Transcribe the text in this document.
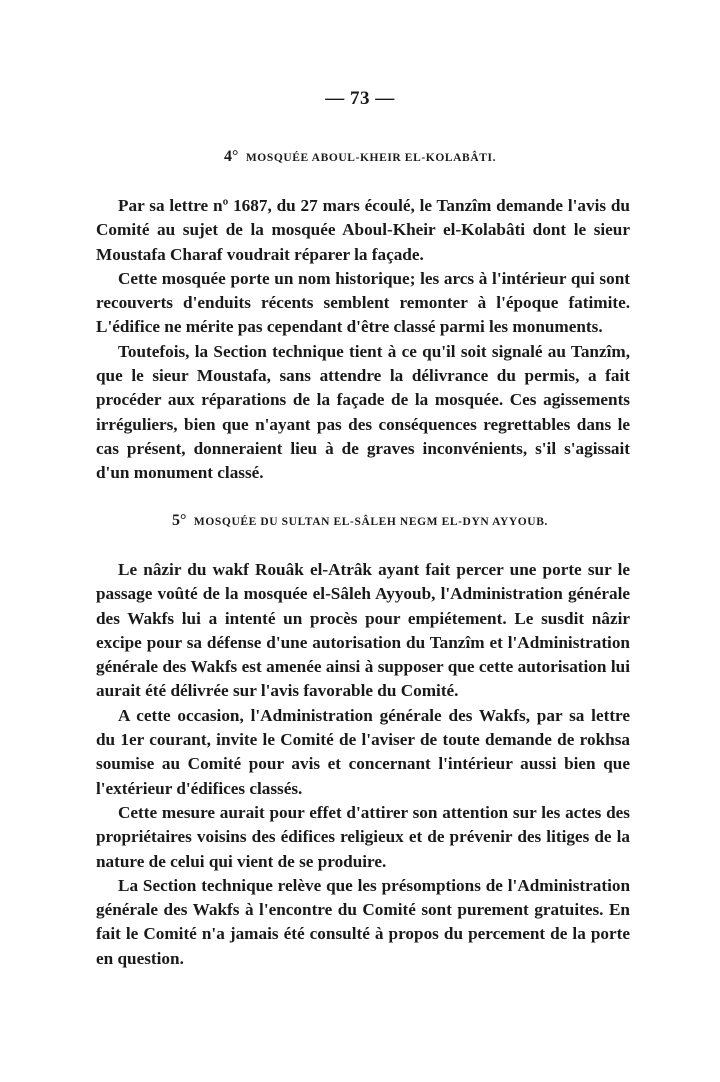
— 73 —
4° MOSQUÉE ABOUL-KHEIR EL-KOLABÂTI.

Par sa lettre nº 1687, du 27 mars écoulé, le Tanzîm demande l'avis du Comité au sujet de la mosquée Aboul-Kheir el-Kolabâti dont le sieur Moustafa Charaf voudrait réparer la façade.

Cette mosquée porte un nom historique; les arcs à l'intérieur qui sont recouverts d'enduits récents semblent remonter à l'époque fatimite. L'édifice ne mérite pas cependant d'être classé parmi les monuments.

Toutefois, la Section technique tient à ce qu'il soit signalé au Tanzîm, que le sieur Moustafa, sans attendre la délivrance du permis, a fait procéder aux réparations de la façade de la mosquée. Ces agissements irréguliers, bien que n'ayant pas des conséquences regrettables dans le cas présent, donneraient lieu à de graves inconvénients, s'il s'agissait d'un monument classé.

5° MOSQUÉE DU SULTAN EL-SÂLEH NEGM EL-DYN AYYOUB.

Le nâzir du wakf Rouâk el-Atrâk ayant fait percer une porte sur le passage voûté de la mosquée el-Sâleh Ayyoub, l'Administration générale des Wakfs lui a intenté un procès pour empiétement. Le susdit nâzir excipe pour sa défense d'une autorisation du Tanzîm et l'Administration générale des Wakfs est amenée ainsi à supposer que cette autorisation lui aurait été délivrée sur l'avis favorable du Comité.

A cette occasion, l'Administration générale des Wakfs, par sa lettre du 1er courant, invite le Comité de l'aviser de toute demande de rokhsa soumise au Comité pour avis et concernant l'intérieur aussi bien que l'extérieur d'édifices classés.

Cette mesure aurait pour effet d'attirer son attention sur les actes des propriétaires voisins des édifices religieux et de prévenir des litiges de la nature de celui qui vient de se produire.

La Section technique relève que les présomptions de l'Administration générale des Wakfs à l'encontre du Comité sont purement gratuites. En fait le Comité n'a jamais été consulté à propos du percement de la porte en question.
